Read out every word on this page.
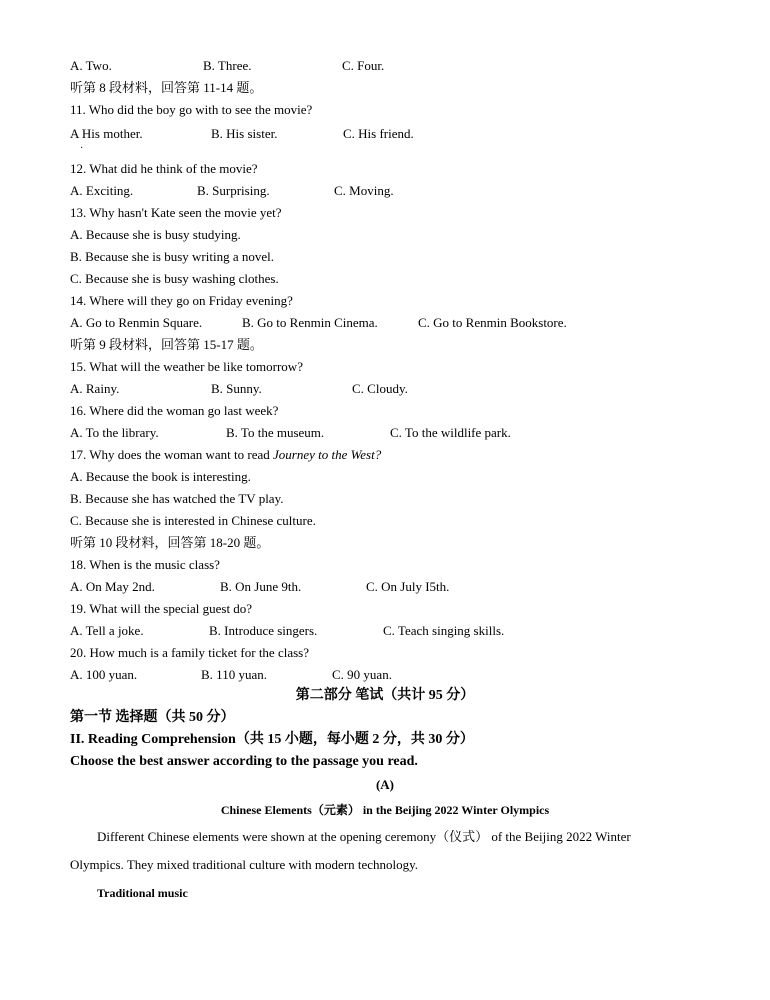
A. Two.	B. Three.	C. Four.
听第 8 段材料，回答第 11-14 题。
11. Who did the boy go with to see the movie?
A His mother.	B. His sister.	C. His friend.
·
12. What did he think of the movie?
A. Exciting.	B. Surprising.	C. Moving.
13. Why hasn't Kate seen the movie yet?
A. Because she is busy studying.
B. Because she is busy writing a novel.
C. Because she is busy washing clothes.
14. Where will they go on Friday evening?
A. Go to Renmin Square.	B. Go to Renmin Cinema.	C. Go to Renmin Bookstore.
听第 9 段材料，回答第 15-17 题。
15. What will the weather be like tomorrow?
A. Rainy.	B. Sunny.	C. Cloudy.
16. Where did the woman go last week?
A. To the library.	B. To the museum.	C. To the wildlife park.
17. Why does the woman want to read Journey to the West?
A. Because the book is interesting.
B. Because she has watched the TV play.
C. Because she is interested in Chinese culture.
听第 10 段材料，回答第 18-20 题。
18. When is the music class?
A. On May 2nd.	B. On June 9th.	C. On July I5th.
19. What will the special guest do?
A. Tell a joke.	B. Introduce singers.	C. Teach singing skills.
20. How much is a family ticket for the class?
A. 100 yuan.	B. 110 yuan.	C. 90 yuan.
第二部分 笔试（共计 95 分）
第一节 选择题（共 50 分）
II. Reading Comprehension（共 15 小题，每小题 2 分，共 30 分）
Choose the best answer according to the passage you read.
(A)
Chinese Elements（元素） in the Beijing 2022 Winter Olympics
Different Chinese elements were shown at the opening ceremony（仪式） of the Beijing 2022 Winter
Olympics. They mixed traditional culture with modern technology.
Traditional music
